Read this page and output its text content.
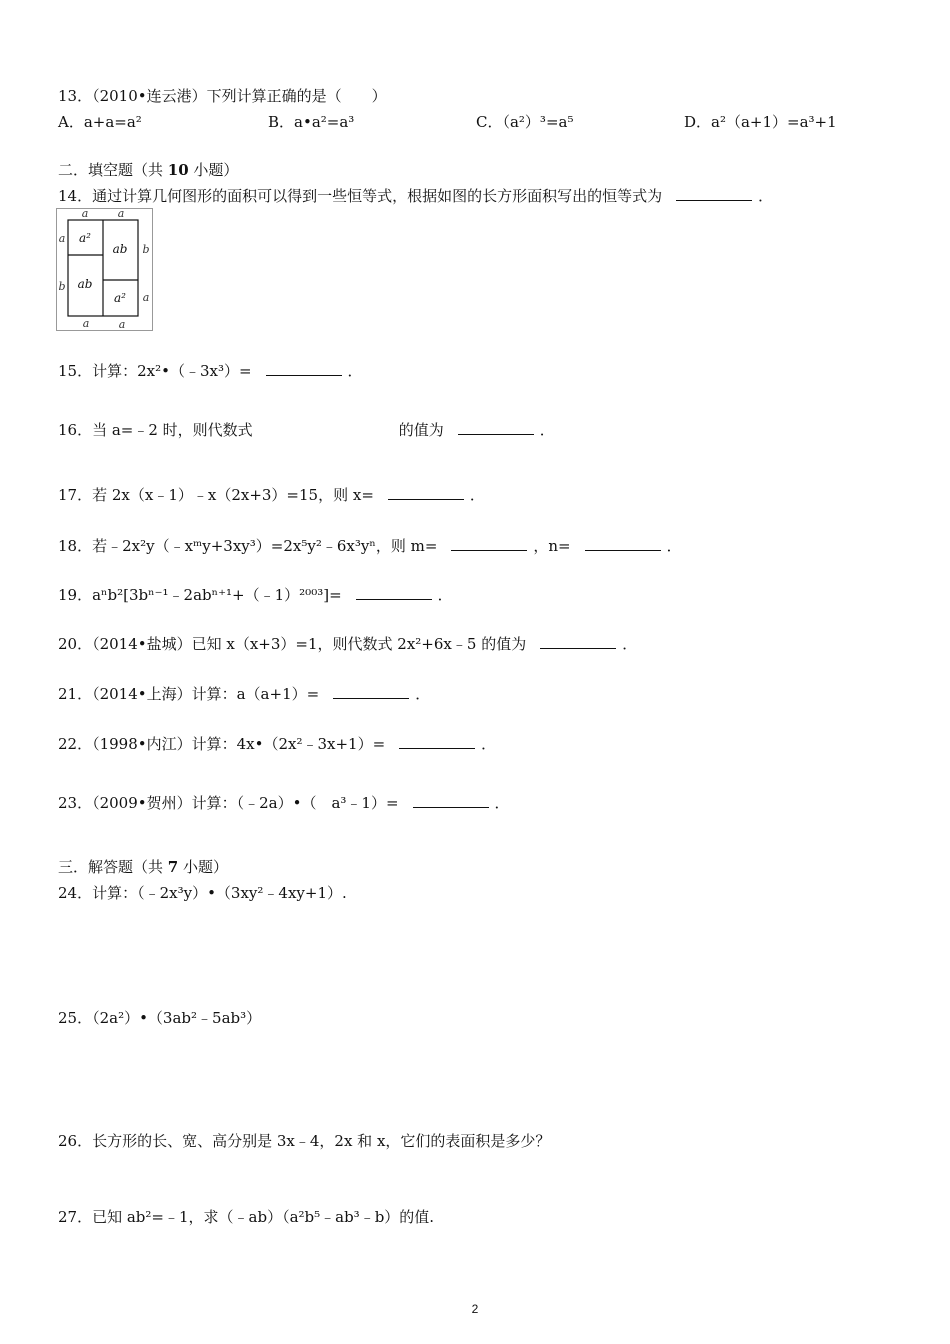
13．（2010•连云港）下列计算正确的是（　　）
A．a+a=a²	B．a•a²=a³	C．（a²）³=a⁵	D．a²（a+1）=a³+1
二．填空题（共 10 小题）
14．通过计算几何图形的面积可以得到一些恒等式，根据如图的长方形面积写出的恒等式为	．
a	a
a
b
b
a
a	a
a²
ab
ab
a²
15．计算：2x²•（﹣3x³）=	．
16．当 a=﹣2 时，则代数式	的值为	．
17．若 2x（x﹣1）﹣x（2x+3）=15，则 x=	．
18．若﹣2x²y（﹣xᵐy+3xy³）=2x⁵y²﹣6x³yⁿ，则 m=	，n=	．
19．aⁿb²[3bⁿ⁻¹﹣2abⁿ⁺¹+（﹣1）²⁰⁰³]=	．
20．（2014•盐城）已知 x（x+3）=1，则代数式 2x²+6x﹣5 的值为	．
21．（2014•上海）计算：a（a+1）=	．
22．（1998•内江）计算：4x•（2x²﹣3x+1）=	．
23．（2009•贺州）计算：（﹣2a）•（　a³﹣1）=	．
三．解答题（共 7 小题）
24．计算：（﹣2x³y）•（3xy²﹣4xy+1）.
25．（2a²）•（3ab²﹣5ab³）
26．长方形的长、宽、高分别是 3x﹣4，2x 和 x，它们的表面积是多少？
27．已知 ab²=﹣1，求（﹣ab）（a²b⁵﹣ab³﹣b）的值.
2
